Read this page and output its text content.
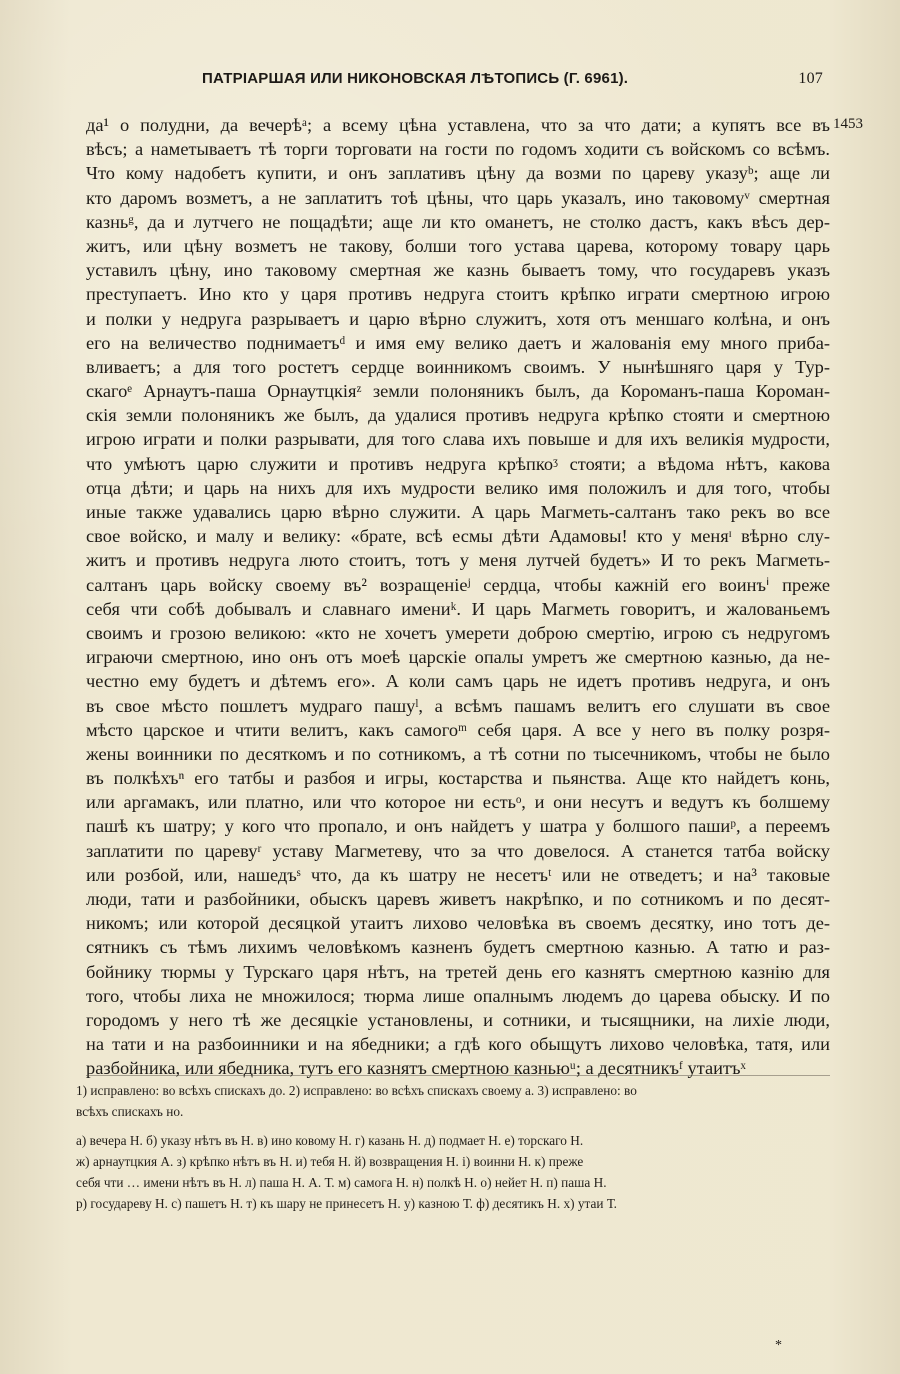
ПАТРІАРШАЯ ИЛИ НИКОНОВСКАЯ ЛѢТОПИСЬ (Г. 6961).	107
1453
да¹ о полудни, да вечерѣᵃ; а всему цѣна уставлена, что за что дати; а купятъ все въ
вѣсъ; а наметываетъ тѣ торги торговати на гости по годомъ ходити съ войскомъ со всѣмъ.
Что кому надобетъ купити, и онъ заплативъ цѣну да возми по цареву указуᵇ; аще ли
кто даромъ возметъ, а не заплатитъ тоѣ цѣны, что царь указалъ, ино таковомуᵛ смертная
казньᵍ, да и лутчего не пощадѣти; аще ли кто оманетъ, не столко дастъ, какъ вѣсъ дер-
житъ, или цѣну возметъ не такову, болши того устава царева, которому товару царь
уставилъ цѣну, ино таковому смертная же казнь бываетъ тому, что государевъ указъ
преступаетъ. Ино кто у царя противъ недруга стоитъ крѣпко играти смертною игрою
и полки у недруга разрываетъ и царю вѣрно служитъ, хотя отъ меншаго колѣна, и онъ
его на величество поднимаетъᵈ и имя ему велико даетъ и жалованія ему много приба-
вливаетъ; а для того ростетъ сердце воинникомъ своимъ. У нынѣшняго царя у Тур-
скагоᵉ Арнаутъ-паша Орнаутцкіяᶻ земли полоняникъ былъ, да Короманъ-паша Короман-
скія земли полоняникъ же былъ, да удалися противъ недруга крѣпко стояти и смертною
игрою играти и полки разрывати, для того слава ихъ повыше и для ихъ великія мудрости,
что умѣютъ царю служити и противъ недруга крѣпкоᶾ стояти; а вѣдома нѣтъ, какова
отца дѣти; и царь на нихъ для ихъ мудрости велико имя положилъ и для того, чтобы
иные также удавались царю вѣрно служити. А царь Магметь-салтанъ тако рекъ во все
свое войско, и малу и велику: «брате, всѣ есмы дѣти Адамовы! кто у меняᶦ вѣрно слу-
житъ и противъ недруга люто стоитъ, тотъ у меня лутчей будетъ» И то рекъ Магметь-
салтанъ царь войску своему въ² возращеніеʲ сердца, чтобы кажній его воинъⁱ преже
себя чти собѣ добывалъ и славнаго имениᵏ. И царь Магметь говоритъ, и жалованьемъ
своимъ и грозою великою: «кто не хочетъ умерети доброю смертію, игрою съ недругомъ
играючи смертною, ино онъ отъ моеѣ царскіе опалы умретъ же смертною казнью, да не-
честно ему будетъ и дѣтемъ его». А коли самъ царь не идетъ противъ недруга, и онъ
въ свое мѣсто пошлетъ мудраго пашуˡ, а всѣмъ пашамъ велитъ его слушати въ свое
мѣсто царское и чтити велитъ, какъ самогоᵐ себя царя. А все у него въ полку розря-
жены воинники по десяткомъ и по сотникомъ, а тѣ сотни по тысечникомъ, чтобы не было
въ полкѣхъⁿ его татбы и разбоя и игры, костарства и пьянства. Аще кто найдетъ конь,
или аргамакъ, или платно, или что которое ни естьᵒ, и они несутъ и ведутъ къ болшему
пашѣ къ шатру; у кого что пропало, и онъ найдетъ у шатра у болшого пашиᵖ, а переемъ
заплатити по царевуʳ уставу Магметеву, что за что довелося. А станется татба войску
или розбой, или, нашедъˢ что, да къ шатру не несетъᵗ или не отведетъ; и на³ таковые
люди, тати и разбойники, обыскъ царевъ живетъ накрѣпко, и по сотникомъ и по десят-
никомъ; или которой десяцкой утаитъ лихово человѣка въ своемъ десятку, ино тотъ де-
сятникъ съ тѣмъ лихимъ человѣкомъ казненъ будетъ смертною казнью. А татю и раз-
бойнику тюрмы у Турскаго царя нѣтъ, на третей день его казнятъ смертною казнію для
того, чтобы лиха не множилося; тюрма лише опалнымъ людемъ до царева обыску. И по
городомъ у него тѣ же десяцкіе установлены, и сотники, и тысящники, на лихіе люди,
на тати и на разбоинники и на ябедники; а гдѣ кого обыщутъ лихово человѣка, татя, или
разбойника, или ябедника, тутъ его казнятъ смертною казньюᵘ; а десятникъᶠ утаитъˣ
1) исправлено: во всѣхъ спискахъ до. 2) исправлено: во всѣхъ спискахъ своему а. 3) исправлено: во
всѣхъ спискахъ но.
а) вечера Н. б) указу нѣтъ въ Н. в) ино ковому Н. г) казань Н. д) подмает Н. е) торскаго Н.
ж) арнаутцкия А. з) крѣпко нѣтъ въ Н. и) тебя Н. й) возвращения Н. і) воинни Н. к) преже
себя чти … имени нѣтъ въ Н. л) паша Н. А. Т. м) самога Н. н) полкѣ Н. о) нейет Н. п) паша Н.
р) государеву Н. с) пашетъ Н. т) къ шару не принесетъ Н. у) казною Т. ф) десятикъ Н. х) утаи Т.
*
